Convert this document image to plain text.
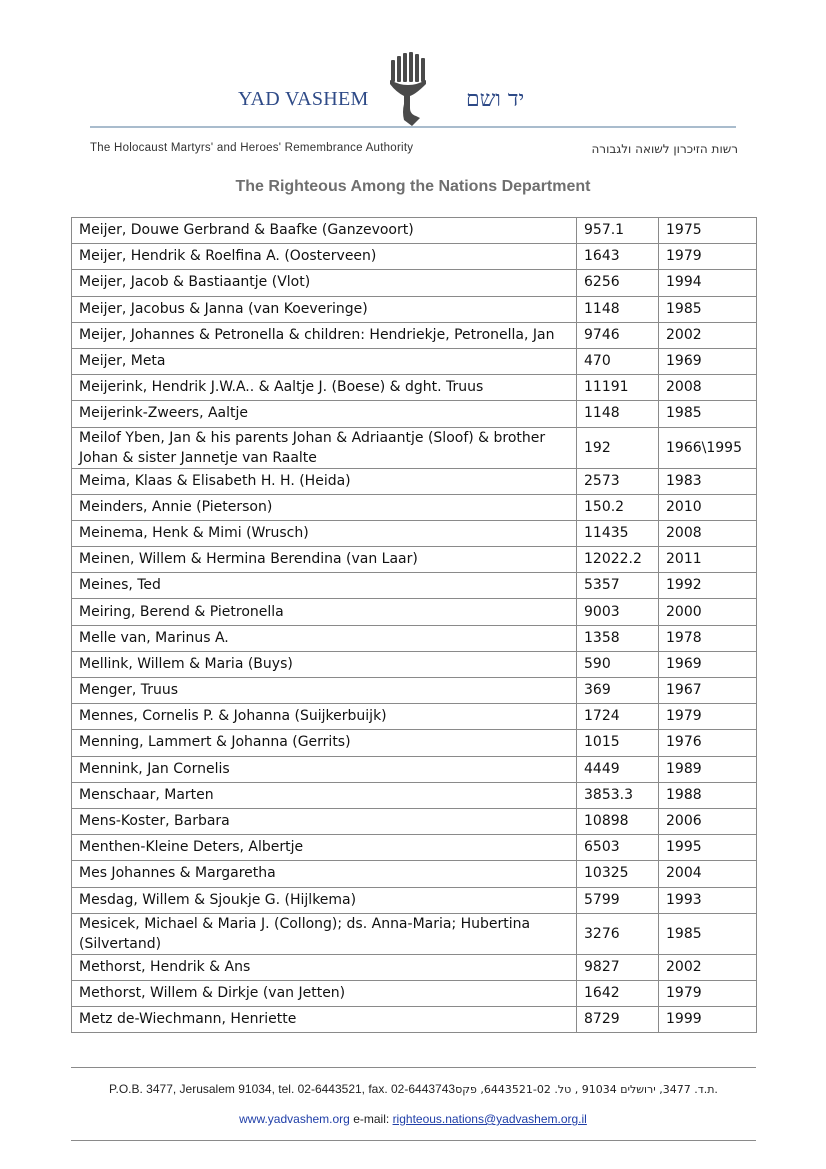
YAD VASHEM	יד ושם
The Holocaust Martyrs' and Heroes' Remembrance Authority	רשות הזיכרון לשואה ולגבורה
The Righteous Among the Nations Department
Meijer, Douwe Gerbrand & Baafke (Ganzevoort)	957.1	1975
Meijer, Hendrik & Roelfina A. (Oosterveen)	1643	1979
Meijer, Jacob & Bastiaantje (Vlot)	6256	1994
Meijer, Jacobus & Janna (van Koeveringe)	1148	1985
Meijer, Johannes & Petronella & children: Hendriekje, Petronella, Jan	9746	2002
Meijer, Meta	470	1969
Meijerink, Hendrik J.W.A.. & Aaltje J. (Boese) & dght. Truus	11191	2008
Meijerink-Zweers, Aaltje	1148	1985
Meilof Yben, Jan & his parents Johan & Adriaantje (Sloof) & brother Johan & sister Jannetje van Raalte	192	1966\1995
Meima, Klaas & Elisabeth H. H. (Heida)	2573	1983
Meinders, Annie (Pieterson)	150.2	2010
Meinema, Henk & Mimi (Wrusch)	11435	2008
Meinen, Willem & Hermina Berendina (van Laar)	12022.2	2011
Meines, Ted	5357	1992
Meiring, Berend & Pietronella	9003	2000
Melle van, Marinus A.	1358	1978
Mellink, Willem & Maria (Buys)	590	1969
Menger, Truus	369	1967
Mennes, Cornelis P. & Johanna (Suijkerbuijk)	1724	1979
Menning, Lammert & Johanna (Gerrits)	1015	1976
Mennink, Jan Cornelis	4449	1989
Menschaar, Marten	3853.3	1988
Mens-Koster, Barbara	10898	2006
Menthen-Kleine Deters, Albertje	6503	1995
Mes Johannes & Margaretha	10325	2004
Mesdag, Willem & Sjoukje G. (Hijlkema)	5799	1993
Mesicek, Michael & Maria J. (Collong); ds. Anna-Maria; Hubertina (Silvertand)	3276	1985
Methorst, Hendrik & Ans	9827	2002
Methorst, Willem & Dirkje (van Jetten)	1642	1979
Metz de-Wiechmann, Henriette	8729	1999
P.O.B. 3477, Jerusalem 91034, tel. 02-6443521, fax. 02-6443743.ת.ד. 3477, ירושלים 91034 , טל. 6443521-02, פקס
www.yadvashem.org e-mail: righteous.nations@yadvashem.org.il
